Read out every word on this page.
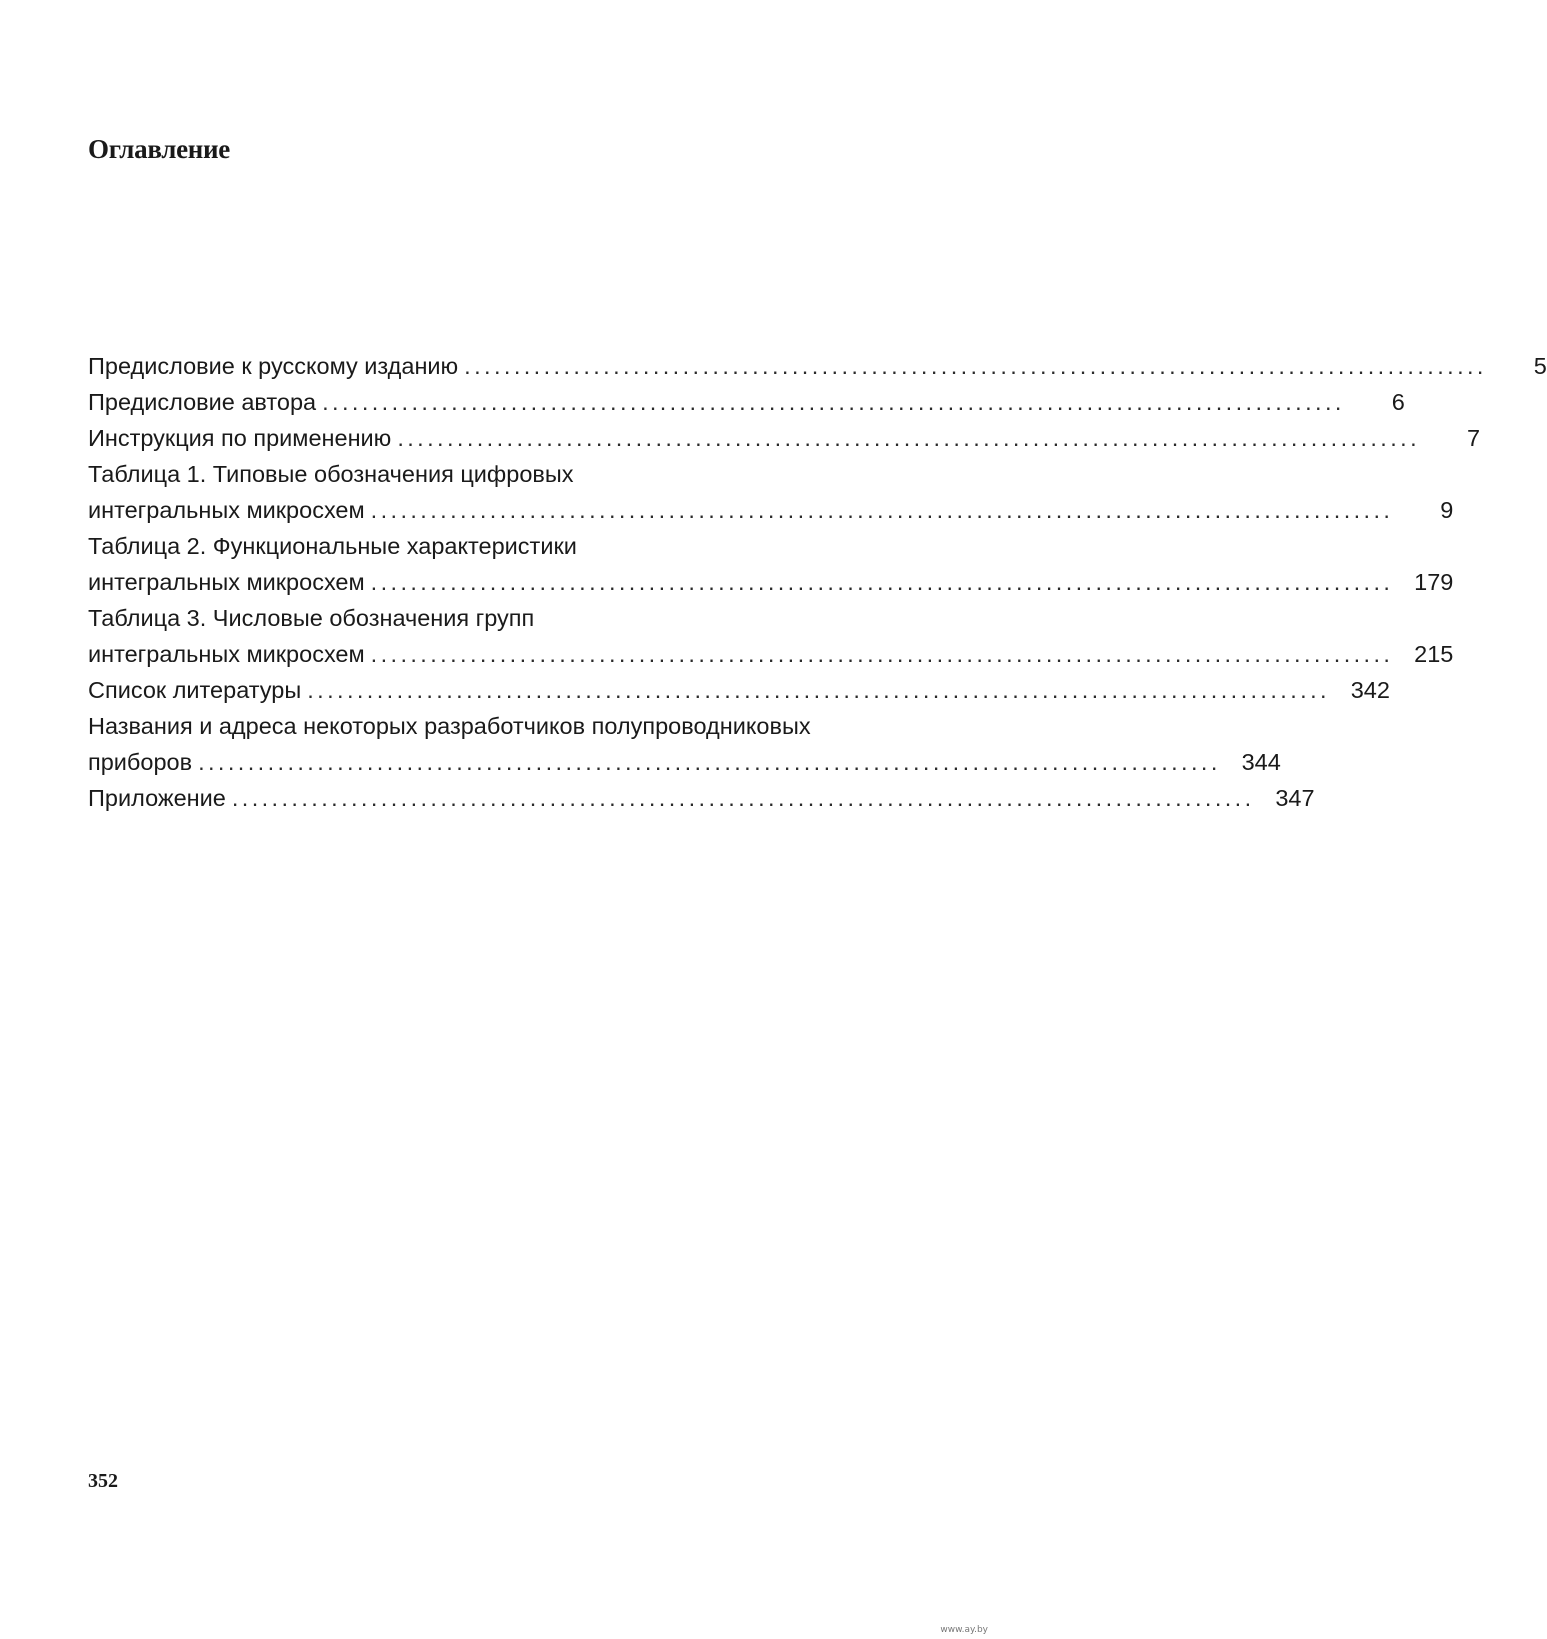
Оглавление
Предисловие к русскому изданию .......................................................................................................	5
Предисловие автора .......................................................................................................	6
Инструкция по применению .......................................................................................................	7
Таблица 1. Типовые обозначения цифровых
интегральных микросхем .......................................................................................................	9
Таблица 2. Функциональные характеристики
интегральных микросхем ....................................................................................................... 179
Таблица 3. Числовые обозначения групп
интегральных микросхем ....................................................................................................... 215
Список литературы ....................................................................................................... 342
Названия и адреса некоторых разработчиков полупроводниковых
приборов ....................................................................................................... 344
Приложение ....................................................................................................... 347
352
www.ay.by
